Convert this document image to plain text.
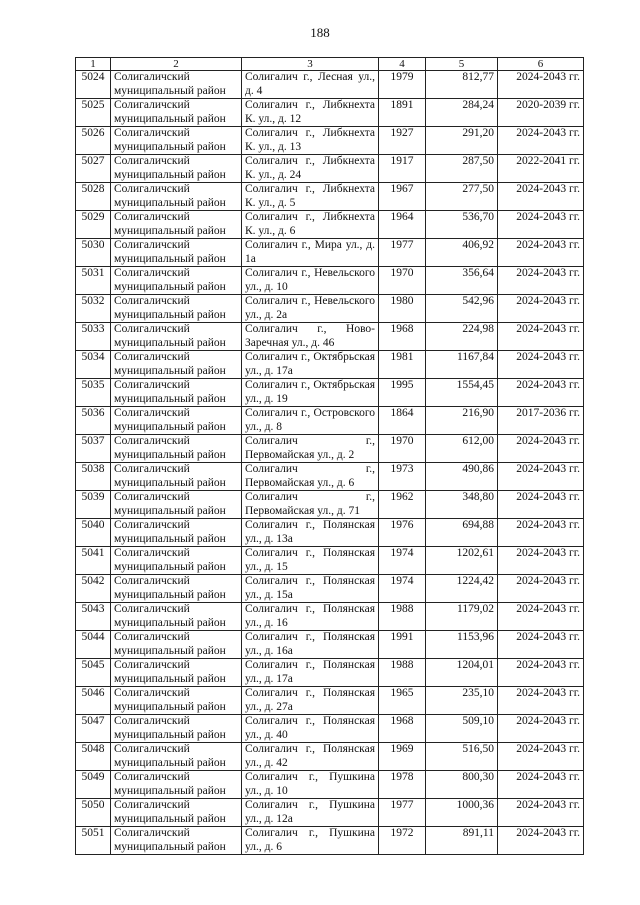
188
1	2	3	4	5	6
5024	Солигаличский муниципальный район	Солигалич г., Лесная ул., д. 4	1979	812,77	2024-2043 гг.
5025	Солигаличский муниципальный район	Солигалич г., Либкнехта К. ул., д. 12	1891	284,24	2020-2039 гг.
5026	Солигаличский муниципальный район	Солигалич г., Либкнехта К. ул., д. 13	1927	291,20	2024-2043 гг.
5027	Солигаличский муниципальный район	Солигалич г., Либкнехта К. ул., д. 24	1917	287,50	2022-2041 гг.
5028	Солигаличский муниципальный район	Солигалич г., Либкнехта К. ул., д. 5	1967	277,50	2024-2043 гг.
5029	Солигаличский муниципальный район	Солигалич г., Либкнехта К. ул., д. 6	1964	536,70	2024-2043 гг.
5030	Солигаличский муниципальный район	Солигалич г., Мира ул., д. 1а	1977	406,92	2024-2043 гг.
5031	Солигаличский муниципальный район	Солигалич г., Невельского ул., д. 10	1970	356,64	2024-2043 гг.
5032	Солигаличский муниципальный район	Солигалич г., Невельского ул., д. 2а	1980	542,96	2024-2043 гг.
5033	Солигаличский муниципальный район	Солигалич г., Ново-Заречная ул., д. 46	1968	224,98	2024-2043 гг.
5034	Солигаличский муниципальный район	Солигалич г., Октябрьская ул., д. 17а	1981	1167,84	2024-2043 гг.
5035	Солигаличский муниципальный район	Солигалич г., Октябрьская ул., д. 19	1995	1554,45	2024-2043 гг.
5036	Солигаличский муниципальный район	Солигалич г., Островского ул., д. 8	1864	216,90	2017-2036 гг.
5037	Солигаличский муниципальный район	Солигалич г., Первомайская ул., д. 2	1970	612,00	2024-2043 гг.
5038	Солигаличский муниципальный район	Солигалич г., Первомайская ул., д. 6	1973	490,86	2024-2043 гг.
5039	Солигаличский муниципальный район	Солигалич г., Первомайская ул., д. 71	1962	348,80	2024-2043 гг.
5040	Солигаличский муниципальный район	Солигалич г., Полянская ул., д. 13а	1976	694,88	2024-2043 гг.
5041	Солигаличский муниципальный район	Солигалич г., Полянская ул., д. 15	1974	1202,61	2024-2043 гг.
5042	Солигаличский муниципальный район	Солигалич г., Полянская ул., д. 15а	1974	1224,42	2024-2043 гг.
5043	Солигаличский муниципальный район	Солигалич г., Полянская ул., д. 16	1988	1179,02	2024-2043 гг.
5044	Солигаличский муниципальный район	Солигалич г., Полянская ул., д. 16а	1991	1153,96	2024-2043 гг.
5045	Солигаличский муниципальный район	Солигалич г., Полянская ул., д. 17а	1988	1204,01	2024-2043 гг.
5046	Солигаличский муниципальный район	Солигалич г., Полянская ул., д. 27а	1965	235,10	2024-2043 гг.
5047	Солигаличский муниципальный район	Солигалич г., Полянская ул., д. 40	1968	509,10	2024-2043 гг.
5048	Солигаличский муниципальный район	Солигалич г., Полянская ул., д. 42	1969	516,50	2024-2043 гг.
5049	Солигаличский муниципальный район	Солигалич г., Пушкина ул., д. 10	1978	800,30	2024-2043 гг.
5050	Солигаличский муниципальный район	Солигалич г., Пушкина ул., д. 12а	1977	1000,36	2024-2043 гг.
5051	Солигаличский муниципальный район	Солигалич г., Пушкина ул., д. 6	1972	891,11	2024-2043 гг.
